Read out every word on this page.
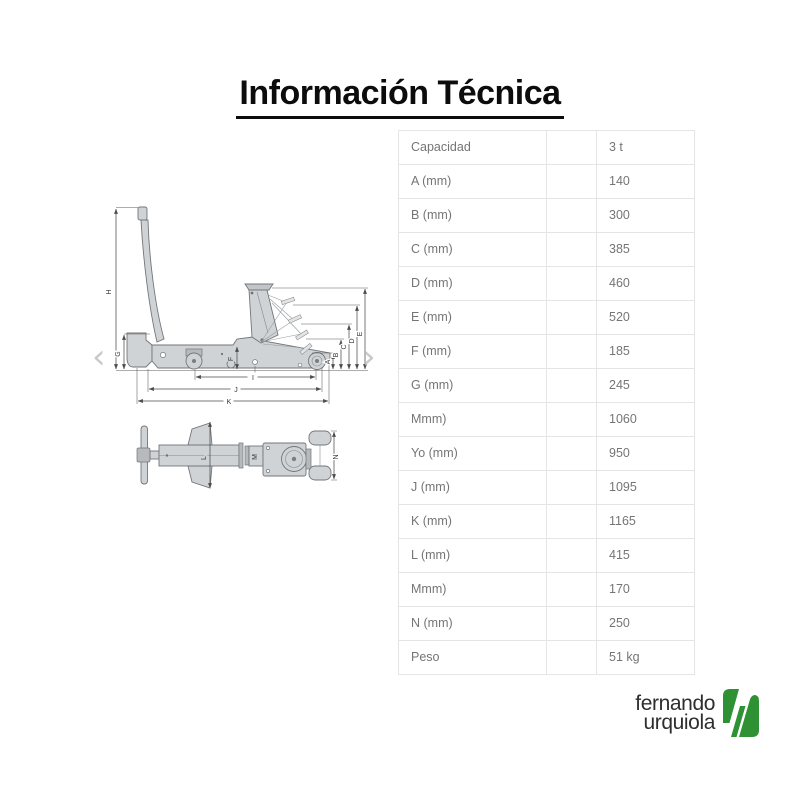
Información Técnica
H
G
F
A
B
C
D
E
I
J
K
L	M	N
‹	›
Capacidad	3 t
A (mm)	140
B (mm)	300
C (mm)	385
D (mm)	460
E (mm)	520
F (mm)	185
G (mm)	245
Mmm)	1060
Yo (mm)	950
J (mm)	1095
K (mm)	1165
L (mm)	415
Mmm)	170
N (mm)	250
Peso	51 kg
fernando
urquiola
